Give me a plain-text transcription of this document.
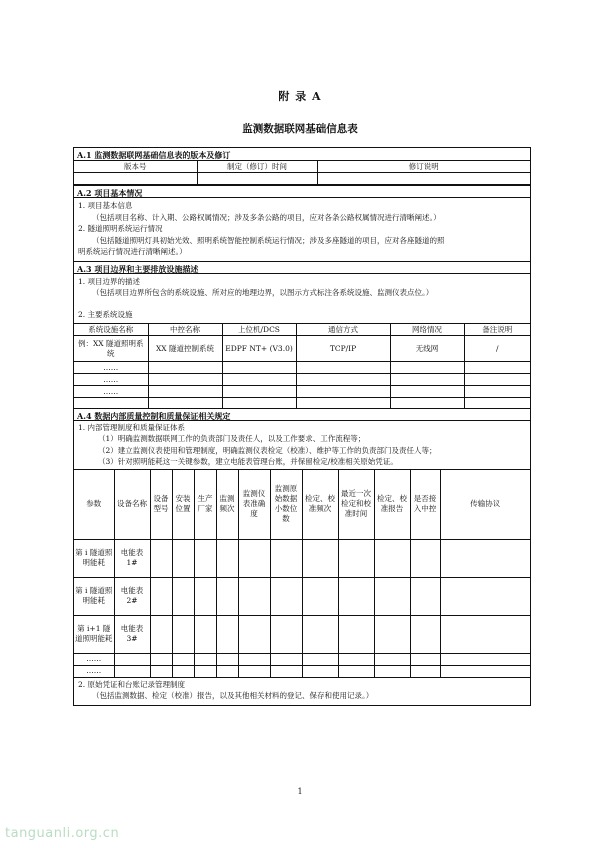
附 录 A
监测数据联网基础信息表
A.1 监测数据联网基础信息表的版本及修订
版本号	制定（修订）时间	修订说明

A.2 项目基本情况
1. 项目基本信息
（包括项目名称、计入期、公路权属情况；涉及多条公路的项目，应对各条公路权属情况进行清晰阐述。）
2. 隧道照明系统运行情况
（包括隧道照明灯具初始光效、照明系统智能控制系统运行情况；涉及多座隧道的项目，应对各座隧道的照
明系统运行情况进行清晰阐述。）
A.3 项目边界和主要排放设施描述
1. 项目边界的描述
（包括项目边界所包含的系统设施、所对应的地理边界，以图示方式标注各系统设施、监测仪表点位。）
2. 主要系统设施
系统设施名称	中控名称	上位机/DCS	通信方式	网络情况	备注说明
例：XX 隧道照明系统	XX 隧道控制系统	EDPF NT+ (V3.0)	TCP/IP	无线网	/
……					
……					
……					

A.4 数据内部质量控制和质量保证相关规定
1. 内部管理制度和质量保证体系
（1）明确监测数据联网工作的负责部门及责任人，以及工作要求、工作流程等；
（2）建立监测仪表使用和管理制度，明确监测仪表检定（校准）、维护等工作的负责部门及责任人等；
（3）针对照明能耗这一关键参数，建立电能表管理台账，并保留检定/校准相关原始凭证。
参数	设备名称	设备型号	安装位置	生产厂家	监测频次	监测仪表准确度	监测原始数据小数位数	检定、校准频次	最近一次检定和校准时间	检定、校准报告	是否接入中控	传输协议
第 i 隧道照明能耗	电能表 1#											
第 i 隧道照明能耗	电能表 2#											
第 i+1 隧道照明能耗	电能表 3#											
……												
……												
2. 原始凭证和台账记录管理制度
（包括监测数据、检定（校准）报告，以及其他相关材料的登记、保存和使用记录。）
1
tanguanli.org.cn
